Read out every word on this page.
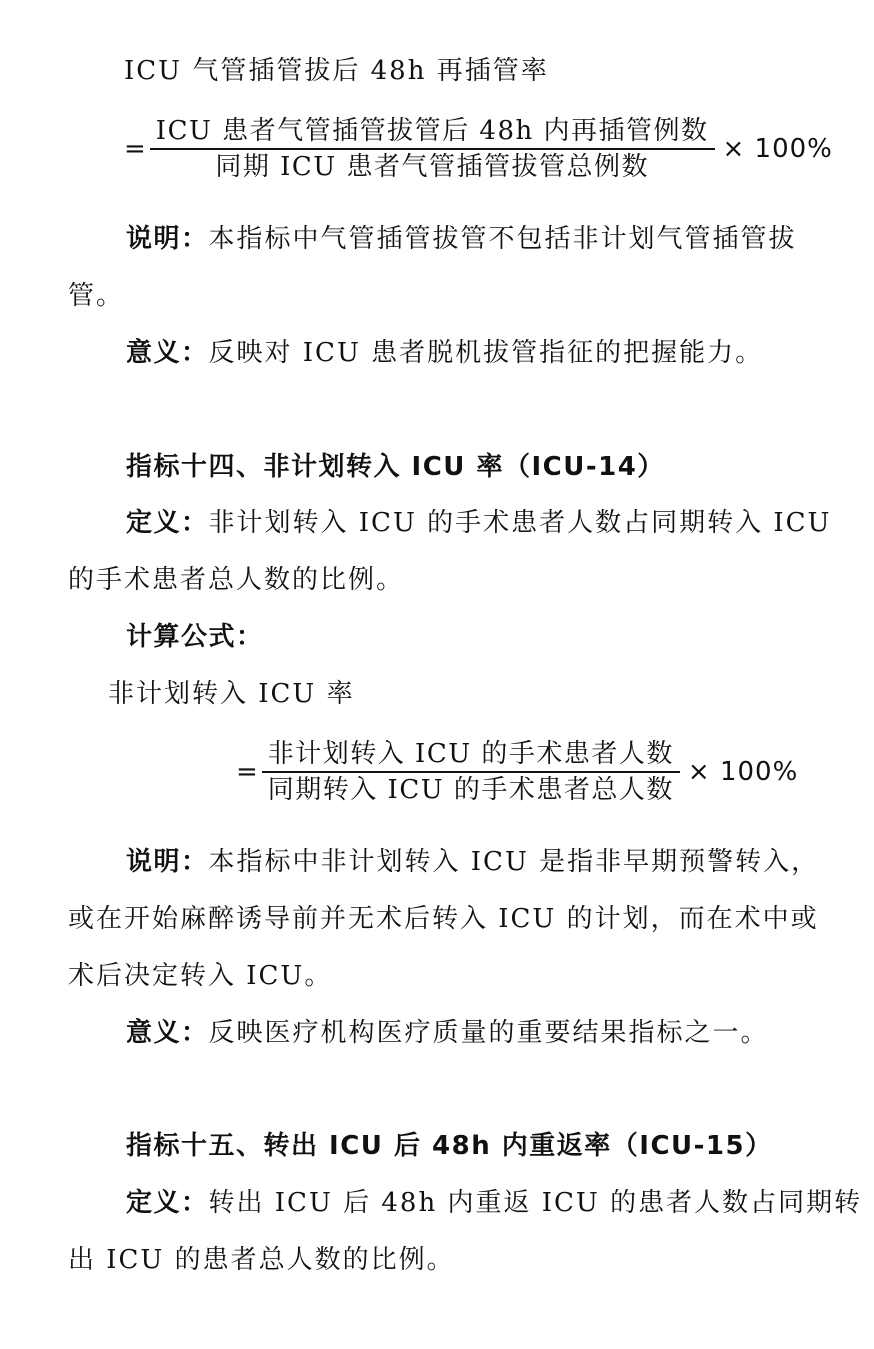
ICU 气管插管拔后 48h 再插管率
= $\frac{\text{ICU 患者气管插管拔管后 48h 内再插管例数}}{\text{同期 ICU 患者气管插管拔管总例数}} \times 100\%$
说明：本指标中气管插管拔管不包括非计划气管插管拔
管。
意义：反映对 ICU 患者脱机拔管指征的把握能力。
指标十四、非计划转入 ICU 率（ICU-14）
定义：非计划转入 ICU 的手术患者人数占同期转入 ICU
的手术患者总人数的比例。
计算公式：
非计划转入 ICU 率
= $\frac{\text{非计划转入 ICU 的手术患者人数}}{\text{同期转入 ICU 的手术患者总人数}} \times 100\%$
说明：本指标中非计划转入 ICU 是指非早期预警转入，
或在开始麻醉诱导前并无术后转入 ICU 的计划，而在术中或
术后决定转入 ICU。
意义：反映医疗机构医疗质量的重要结果指标之一。
指标十五、转出 ICU 后 48h 内重返率（ICU-15）
定义：转出 ICU 后 48h 内重返 ICU 的患者人数占同期转
出 ICU 的患者总人数的比例。
